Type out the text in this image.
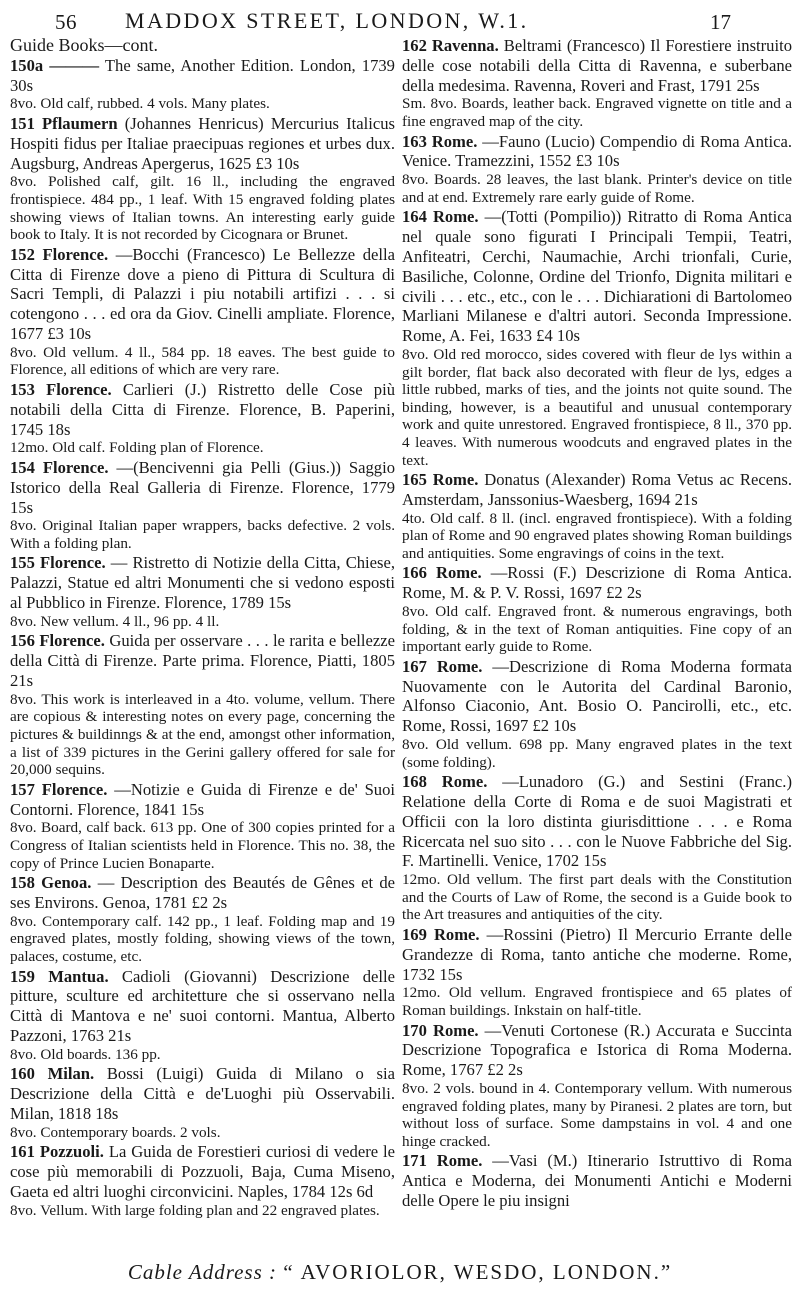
56 MADDOX STREET, LONDON, W.1.	17

Guide Books—cont.

150a ——— The same, Another Edition. London, 1739 30s
8vo. Old calf, rubbed. 4 vols. Many plates.

151 Pflaumern (Johannes Henricus) Mercurius Italicus Hospiti fidus per Italiae praecipuas regiones et urbes dux. Augsburg, Andreas Apergerus, 1625 £3 10s
8vo. Polished calf, gilt. 16 ll., including the engraved frontispiece. 484 pp., 1 leaf. With 15 engraved folding plates showing views of Italian towns. An interesting early guide book to Italy. It is not recorded by Cicognara or Brunet.

152 Florence. —Bocchi (Francesco) Le Bellezze della Citta di Firenze dove a pieno di Pittura di Scultura di Sacri Templi, di Palazzi i piu notabili artifizi . . . si cotengono . . . ed ora da Giov. Cinelli ampliate. Florence, 1677 £3 10s
8vo. Old vellum. 4 ll., 584 pp. 18 eaves. The best guide to Florence, all editions of which are very rare.

153 Florence. Carlieri (J.) Ristretto delle Cose più notabili della Citta di Firenze. Florence, B. Paperini, 1745 18s
12mo. Old calf. Folding plan of Florence.

154 Florence. —(Bencivenni gia Pelli (Gius.)) Saggio Istorico della Real Galleria di Firenze. Florence, 1779 15s
8vo. Original Italian paper wrappers, backs defective. 2 vols. With a folding plan.

155 Florence. — Ristretto di Notizie della Citta, Chiese, Palazzi, Statue ed altri Monumenti che si vedono esposti al Pubblico in Firenze. Florence, 1789 15s
8vo. New vellum. 4 ll., 96 pp. 4 ll.

156 Florence. Guida per osservare . . . le rarita e bellezze della Città di Firenze. Parte prima. Florence, Piatti, 1805 21s
8vo. This work is interleaved in a 4to. volume, vellum. There are copious & interesting notes on every page, concerning the pictures & buildinngs & at the end, amongst other information, a list of 339 pictures in the Gerini gallery offered for sale for 20,000 sequins.

157 Florence. —Notizie e Guida di Firenze e de' Suoi Contorni. Florence, 1841 15s
8vo. Board, calf back. 613 pp. One of 300 copies printed for a Congress of Italian scientists held in Florence. This no. 38, the copy of Prince Lucien Bonaparte.

158 Genoa. — Description des Beautés de Gênes et de ses Environs. Genoa, 1781 £2 2s
8vo. Contemporary calf. 142 pp., 1 leaf. Folding map and 19 engraved plates, mostly folding, showing views of the town, palaces, costume, etc.

159 Mantua. Cadioli (Giovanni) Descrizione delle pitture, sculture ed architetture che si osservano nella Città di Mantova e ne' suoi contorni. Mantua, Alberto Pazzoni, 1763 21s
8vo. Old boards. 136 pp.

160 Milan. Bossi (Luigi) Guida di Milano o sia Descrizione della Città e de'Luoghi più Osservabili. Milan, 1818 18s
8vo. Contemporary boards. 2 vols.

161 Pozzuoli. La Guida de Forestieri curiosi di vedere le cose più memorabili di Pozzuoli, Baja, Cuma Miseno, Gaeta ed altri luoghi circonvicini. Naples, 1784 12s 6d
8vo. Vellum. With large folding plan and 22 engraved plates.

162 Ravenna. Beltrami (Francesco) Il Forestiere instruito delle cose notabili della Citta di Ravenna, e suberbane della medesima. Ravenna, Roveri and Frast, 1791 25s
Sm. 8vo. Boards, leather back. Engraved vignette on title and a fine engraved map of the city.

163 Rome. —Fauno (Lucio) Compendio di Roma Antica. Venice. Tramezzini, 1552 £3 10s
8vo. Boards. 28 leaves, the last blank. Printer's device on title and at end. Extremely rare early guide of Rome.

164 Rome. —(Totti (Pompilio)) Ritratto di Roma Antica nel quale sono figurati I Principali Tempii, Teatri, Anfiteatri, Cerchi, Naumachie, Archi trionfali, Curie, Basiliche, Colonne, Ordine del Trionfo, Dignita militari e civili . . . etc., etc., con le . . . Dichiarationi di Bartolomeo Marliani Milanese e d'altri autori. Seconda Impressione. Rome, A. Fei, 1633 £4 10s
8vo. Old red morocco, sides covered with fleur de lys within a gilt border, flat back also decorated with fleur de lys, edges a little rubbed, marks of ties, and the joints not quite sound. The binding, however, is a beautiful and unusual contemporary work and quite unrestored. Engraved frontispiece, 8 ll., 370 pp. 4 leaves. With numerous woodcuts and engraved plates in the text.

165 Rome. Donatus (Alexander) Roma Vetus ac Recens. Amsterdam, Janssonius-Waesberg, 1694 21s
4to. Old calf. 8 ll. (incl. engraved frontispiece). With a folding plan of Rome and 90 engraved plates showing Roman buildings and antiquities. Some engravings of coins in the text.

166 Rome. —Rossi (F.) Descrizione di Roma Antica. Rome, M. & P. V. Rossi, 1697 £2 2s
8vo. Old calf. Engraved front. & numerous engravings, both folding, & in the text of Roman antiquities. Fine copy of an important early guide to Rome.

167 Rome. —Descrizione di Roma Moderna formata Nuovamente con le Autorita del Cardinal Baronio, Alfonso Ciaconio, Ant. Bosio O. Pancirolli, etc., etc. Rome, Rossi, 1697 £2 10s
8vo. Old vellum. 698 pp. Many engraved plates in the text (some folding).

168 Rome. —Lunadoro (G.) and Sestini (Franc.) Relatione della Corte di Roma e de suoi Magistrati et Officii con la loro distinta giurisdittione . . . e Roma Ricercata nel suo sito . . . con le Nuove Fabbriche del Sig. F. Martinelli. Venice, 1702 15s
12mo. Old vellum. The first part deals with the Constitution and the Courts of Law of Rome, the second is a Guide book to the Art treasures and antiquities of the city.

169 Rome. —Rossini (Pietro) Il Mercurio Errante delle Grandezze di Roma, tanto antiche che moderne. Rome, 1732 15s
12mo. Old vellum. Engraved frontispiece and 65 plates of Roman buildings. Inkstain on half-title.

170 Rome. —Venuti Cortonese (R.) Accurata e Succinta Descrizione Topografica e Istorica di Roma Moderna. Rome, 1767 £2 2s
8vo. 2 vols. bound in 4. Contemporary vellum. With numerous engraved folding plates, many by Piranesi. 2 plates are torn, but without loss of surface. Some dampstains in vol. 4 and one hinge cracked.

171 Rome. —Vasi (M.) Itinerario Istruttivo di Roma Antica e Moderna, dei Monumenti Antichi e Moderni delle Opere le piu insigni

Cable Address : “ AVORIOLOR, WESDO, LONDON.”
